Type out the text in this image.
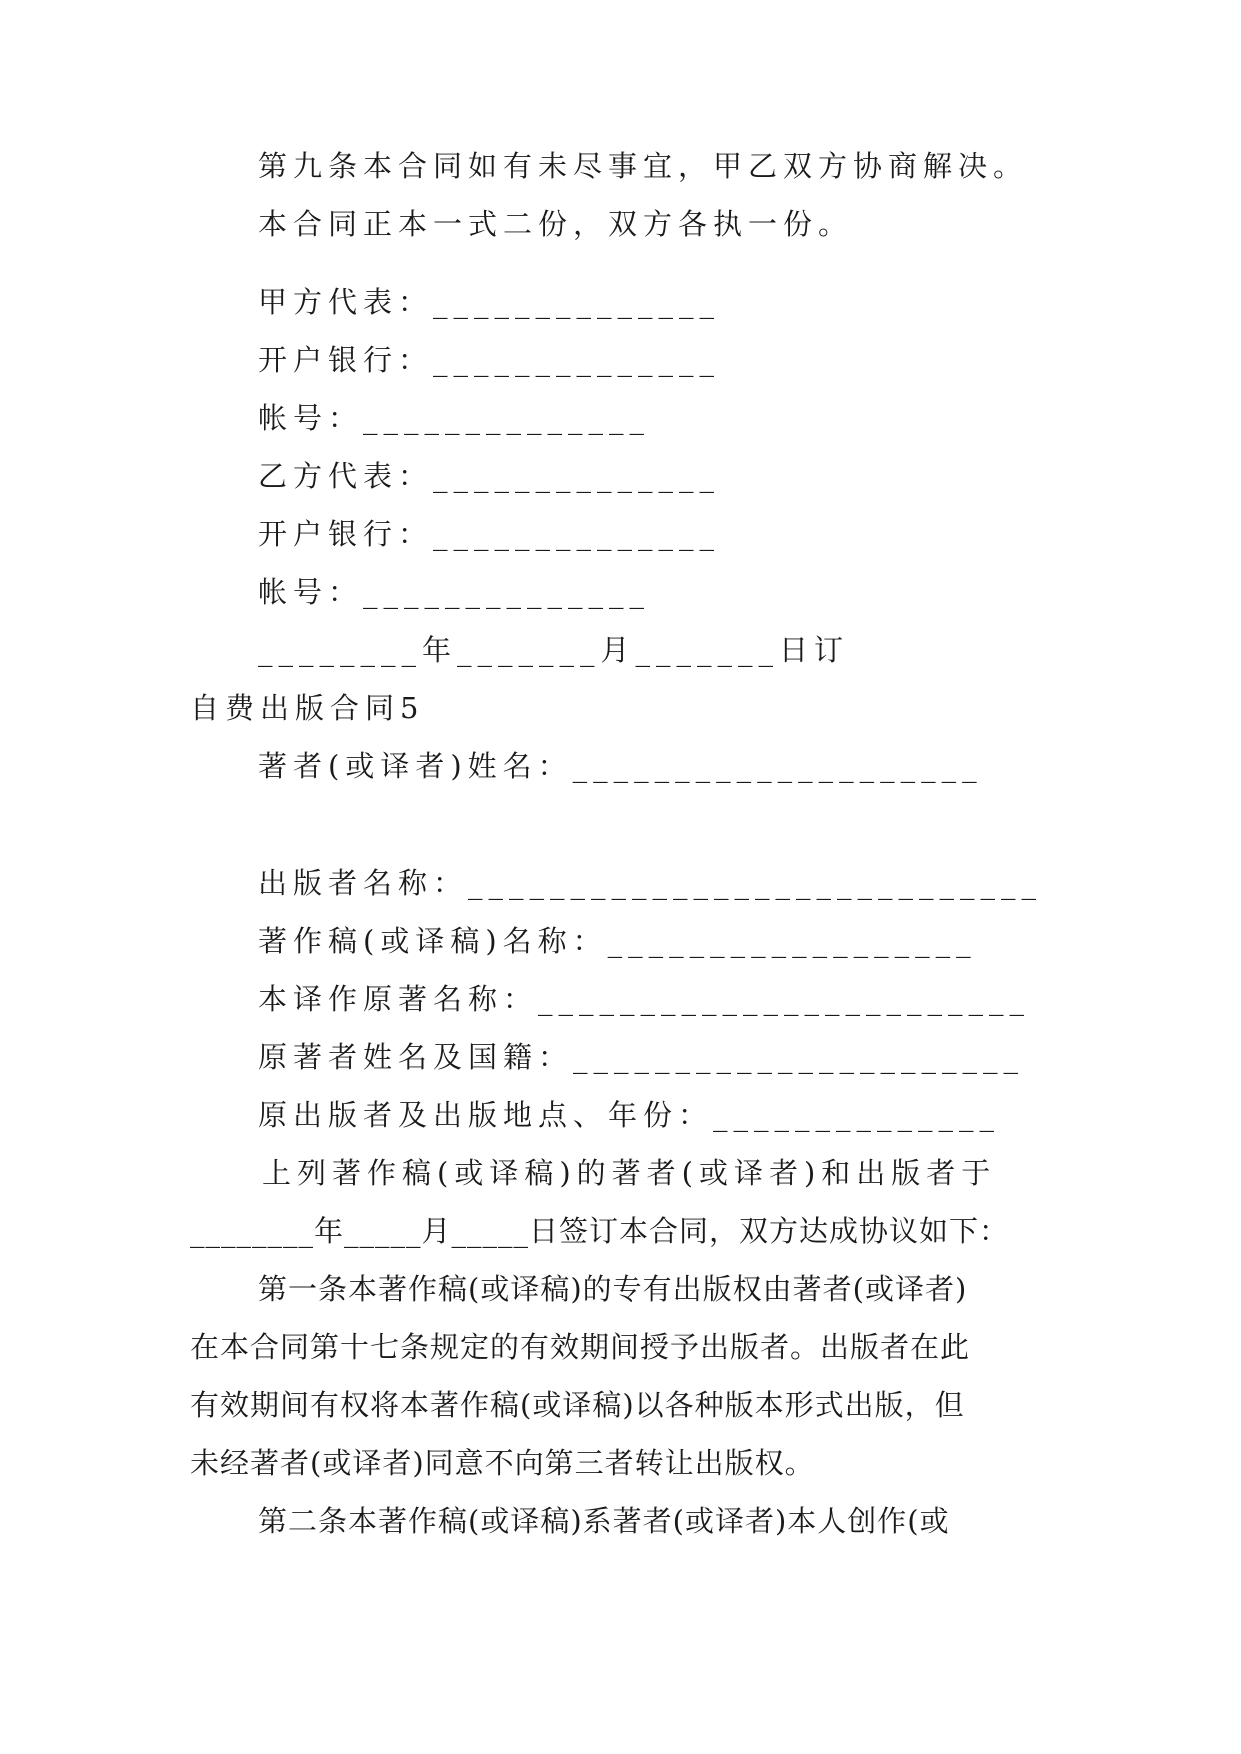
第九条本合同如有未尽事宜，甲乙双方协商解决。
本合同正本一式二份，双方各执一份。
甲方代表：______________
开户银行：______________
帐号：______________
乙方代表：______________
开户银行：______________
帐号：______________
________年_______月_______日订
自费出版合同5
著者(或译者)姓名：____________________
出版者名称：____________________________
著作稿(或译稿)名称：__________________
本译作原著名称：________________________
原著者姓名及国籍：______________________
原出版者及出版地点、年份：______________
上列著作稿(或译稿)的著者(或译者)和出版者于
________年_____月_____日签订本合同，双方达成协议如下：
第一条本著作稿(或译稿)的专有出版权由著者(或译者)
在本合同第十七条规定的有效期间授予出版者。出版者在此
有效期间有权将本著作稿(或译稿)以各种版本形式出版，但
未经著者(或译者)同意不向第三者转让出版权。
第二条本著作稿(或译稿)系著者(或译者)本人创作(或
